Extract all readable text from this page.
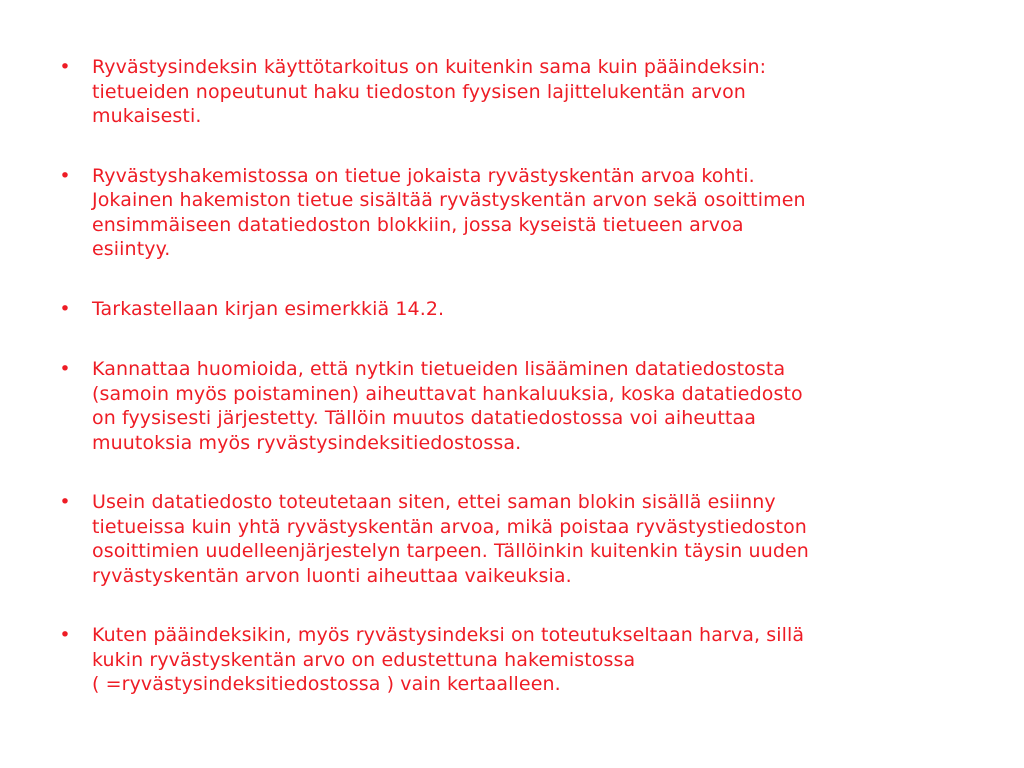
• Ryvästysindeksin käyttötarkoitus on kuitenkin sama kuin pääindeksin:
tietueiden nopeutunut haku tiedoston fyysisen lajittelukentän arvon
mukaisesti.
• Ryvästyshakemistossa on tietue jokaista ryvästyskentän arvoa kohti.
Jokainen hakemiston tietue sisältää ryvästyskentän arvon sekä osoittimen
ensimmäiseen datatiedoston blokkiin, jossa kyseistä tietueen arvoa
esiintyy.
• Tarkastellaan kirjan esimerkkiä 14.2.
• Kannattaa huomioida, että nytkin tietueiden lisääminen datatiedostosta
(samoin myös poistaminen) aiheuttavat hankaluuksia, koska datatiedosto
on fyysisesti järjestetty. Tällöin muutos datatiedostossa voi aiheuttaa
muutoksia myös ryvästysindeksitiedostossa.
• Usein datatiedosto toteutetaan siten, ettei saman blokin sisällä esiinny
tietueissa kuin yhtä ryvästyskentän arvoa, mikä poistaa ryvästystiedoston
osoittimien uudelleenjärjestelyn tarpeen. Tällöinkin kuitenkin täysin uuden
ryvästyskentän arvon luonti aiheuttaa vaikeuksia.
• Kuten pääindeksikin, myös ryvästysindeksi on toteutukseltaan harva, sillä
kukin ryvästyskentän arvo on edustettuna hakemistossa
( =ryvästysindeksitiedostossa ) vain kertaalleen.
